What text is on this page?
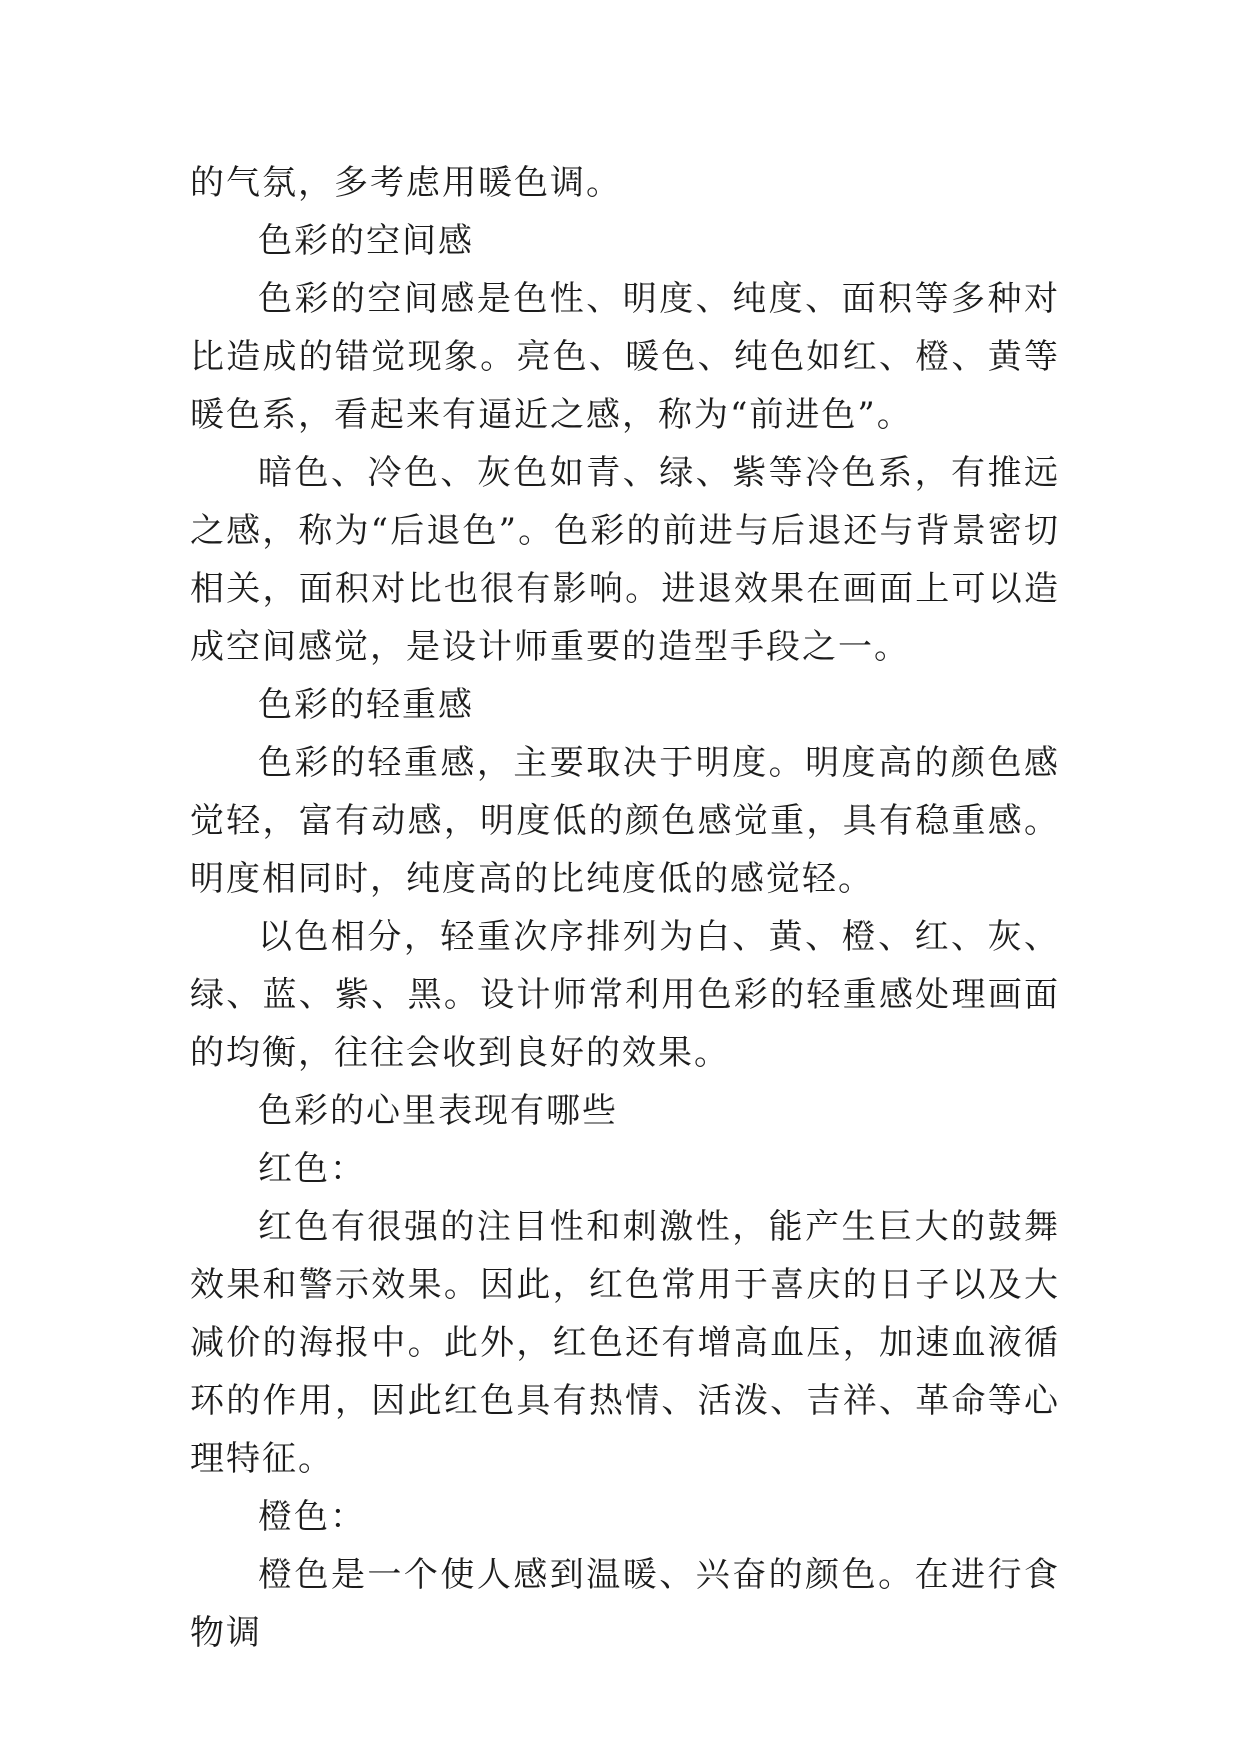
的气氛，多考虑用暖色调。

色彩的空间感

色彩的空间感是色性、明度、纯度、面积等多种对比造成的错觉现象。亮色、暖色、纯色如红、橙、黄等暖色系，看起来有逼近之感，称为“前进色”。

暗色、冷色、灰色如青、绿、紫等冷色系，有推远之感，称为“后退色”。色彩的前进与后退还与背景密切相关，面积对比也很有影响。进退效果在画面上可以造成空间感觉，是设计师重要的造型手段之一。

色彩的轻重感

色彩的轻重感，主要取决于明度。明度高的颜色感觉轻，富有动感，明度低的颜色感觉重，具有稳重感。明度相同时，纯度高的比纯度低的感觉轻。

以色相分，轻重次序排列为白、黄、橙、红、灰、绿、蓝、紫、黑。设计师常利用色彩的轻重感处理画面的均衡，往往会收到良好的效果。

色彩的心里表现有哪些

红色：

红色有很强的注目性和刺激性，能产生巨大的鼓舞效果和警示效果。因此，红色常用于喜庆的日子以及大减价的海报中。此外，红色还有增高血压，加速血液循环的作用，因此红色具有热情、活泼、吉祥、革命等心理特征。

橙色：

橙色是一个使人感到温暖、兴奋的颜色。在进行食物调
